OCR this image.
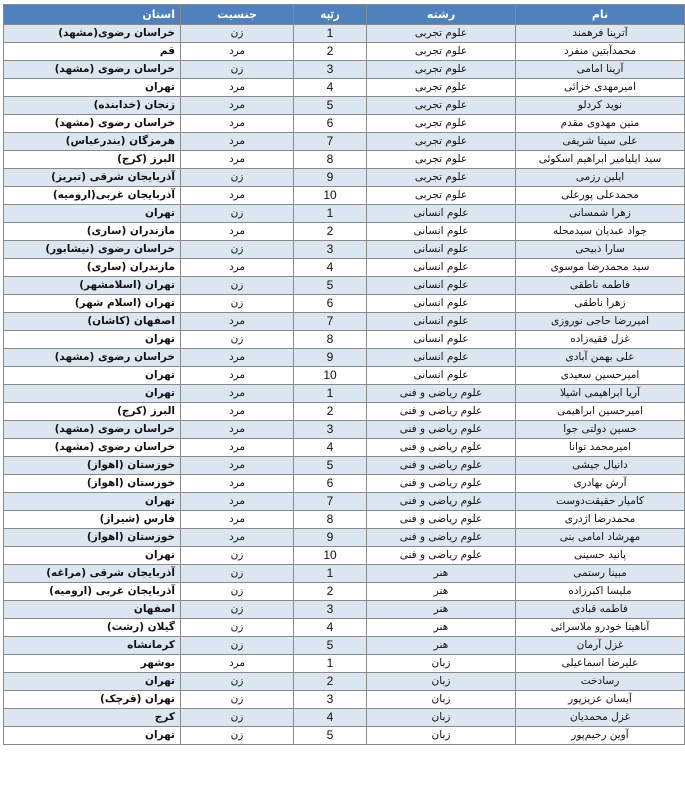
نام	رشته	رتبه	جنسیت	استان
آترینا فرهمند	علوم تجربی	1	زن	خراسان رضوی(مشهد)
محمدآبتین منفرد	علوم تجربی	2	مرد	قم
آرینا امامی	علوم تجربی	3	زن	خراسان رضوی (مشهد)
امیرمهدی خزائی	علوم تجربی	4	مرد	تهران
نوید کردلو	علوم تجربی	5	مرد	زنجان (خدابنده)
متین مهدوی مقدم	علوم تجربی	6	مرد	خراسان رضوی (مشهد)
علی سینا شریفی	علوم تجربی	7	مرد	هرمزگان (بندرعباس)
سید ایلیامیر ابراهیم اسکوئی	علوم تجربی	8	مرد	البرز (کرج)
ایلین رزمی	علوم تجربی	9	زن	آذربایجان شرقی (تبریز)
محمدعلی پورعلی	علوم تجربی	10	مرد	آذربایجان غربی(ارومیه)
زهرا شمسانی	علوم انسانی	1	زن	تهران
جواد عبدیان سیدمحله	علوم انسانی	2	مرد	مازندران (ساری)
سارا ذبیحی	علوم انسانی	3	زن	خراسان رضوی (نیشابور)
سید محمدرضا موسوی	علوم انسانی	4	مرد	مازندران (ساری)
فاطمه ناطقی	علوم انسانی	5	زن	تهران (اسلامشهر)
زهرا ناطقی	علوم انسانی	6	زن	تهران (اسلام شهر)
امیررضا حاجی نوروزی	علوم انسانی	7	مرد	اصفهان (کاشان)
غزل فقیه‌زاده	علوم انسانی	8	زن	تهران
علی بهمن آبادی	علوم انسانی	9	مرد	خراسان رضوی (مشهد)
امیرحسین سعیدی	علوم انسانی	10	مرد	تهران
آریا ابراهیمی اشیلا	علوم ریاضی و فنی	1	مرد	تهران
امیرحسین ابراهیمی	علوم ریاضی و فنی	2	مرد	البرز (کرج)
حسین دولتی جوا	علوم ریاضی و فنی	3	مرد	خراسان رضوی (مشهد)
امیرمحمد توانا	علوم ریاضی و فنی	4	مرد	خراسان رضوی (مشهد)
دانیال جیشی	علوم ریاضی و فنی	5	مرد	خوزستان (اهواز)
آرش بهادری	علوم ریاضی و فنی	6	مرد	خوزستان (اهواز)
کامیار حقیقت‌دوست	علوم ریاضی و فنی	7	مرد	تهران
محمدرضا اژدری	علوم ریاضی و فنی	8	مرد	فارس (شیراز)
مهرشاد امامی بنی	علوم ریاضی و فنی	9	مرد	خوزستان (اهواز)
پانید حسینی	علوم ریاضی و فنی	10	زن	تهران
مبینا رستمی	هنر	1	زن	آذربایجان شرقی (مراغه)
ملیسا اکبرزاده	هنر	2	زن	آذربایجان غربی (ارومیه)
فاطمه قبادی	هنر	3	زن	اصفهان
آناهیتا خودرو ملاسرائی	هنر	4	زن	گیلان (رشت)
غزل آرمان	هنر	5	زن	کرمانشاه
علیرضا اسماعیلی	زبان	1	مرد	بوشهر
رسادخت	زبان	2	زن	تهران
آیسان عزیزپور	زبان	3	زن	تهران (قرچک)
غزل محمدیان	زبان	4	زن	کرج
آوین رحیم‌پور	زبان	5	زن	تهران
